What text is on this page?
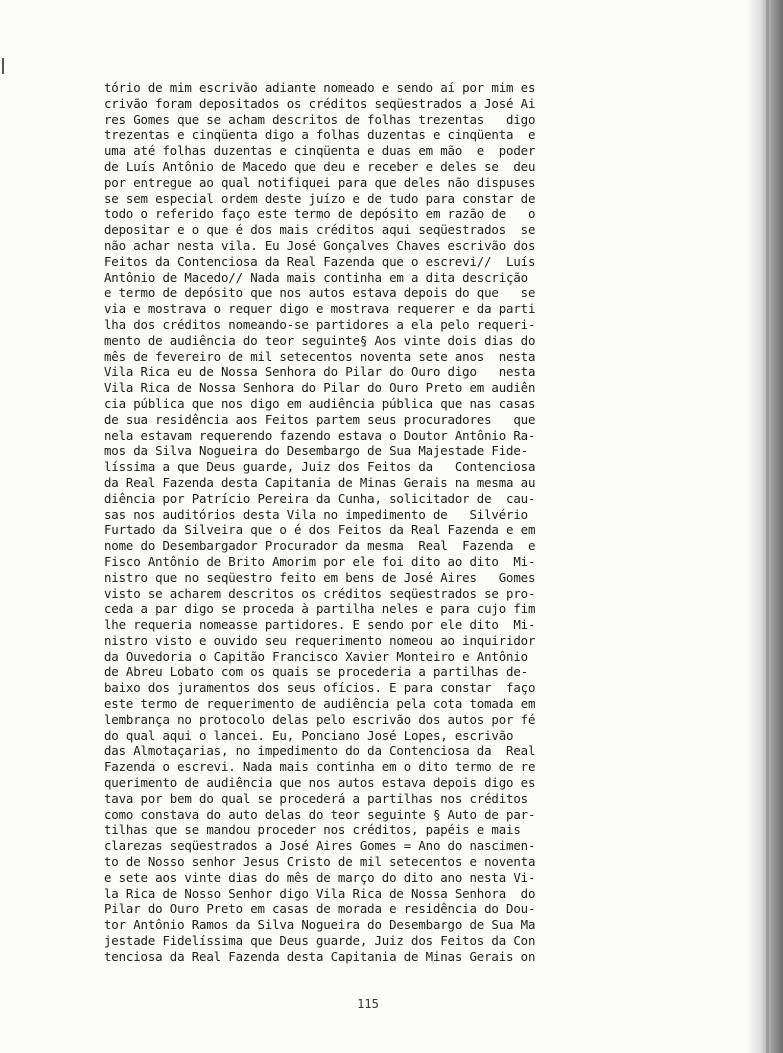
tório de mim escrivão adiante nomeado e sendo aí por mim es
crivão foram depositados os créditos seqüestrados a José Ai
res Gomes que se acham descritos de folhas trezentas   digo
trezentas e cinqüenta digo a folhas duzentas e cinqüenta  e
uma até folhas duzentas e cinqüenta e duas em mão  e  poder
de Luís Antônio de Macedo que deu e receber e deles se  deu
por entregue ao qual notifiquei para que deles não dispuses
se sem especial ordem deste juízo e de tudo para constar de
todo o referido faço este termo de depósito em razão de   o
depositar e o que é dos mais créditos aqui seqüestrados  se
não achar nesta vila. Eu José Gonçalves Chaves escrivão dos
Feitos da Contenciosa da Real Fazenda que o escrevi//  Luís
Antônio de Macedo// Nada mais continha em a dita descrição
e termo de depósito que nos autos estava depois do que   se
via e mostrava o requer digo e mostrava requerer e da parti
lha dos créditos nomeando-se partidores a ela pelo requeri-
mento de audiência do teor seguinte§ Aos vinte dois dias do
mês de fevereiro de mil setecentos noventa sete anos  nesta
Vila Rica eu de Nossa Senhora do Pilar do Ouro digo   nesta
Vila Rica de Nossa Senhora do Pilar do Ouro Preto em audiên
cia pública que nos digo em audiência pública que nas casas
de sua residência aos Feitos partem seus procuradores   que
nela estavam requerendo fazendo estava o Doutor Antônio Ra-
mos da Silva Nogueira do Desembargo de Sua Majestade Fide-
líssima a que Deus guarde, Juiz dos Feitos da   Contenciosa
da Real Fazenda desta Capitania de Minas Gerais na mesma au
diência por Patrício Pereira da Cunha, solicitador de  cau-
sas nos auditórios desta Vila no impedimento de   Silvério
Furtado da Silveira que o é dos Feitos da Real Fazenda e em
nome do Desembargador Procurador da mesma  Real  Fazenda  e
Fisco Antônio de Brito Amorim por ele foi dito ao dito  Mi-
nistro que no seqüestro feito em bens de José Aires   Gomes
visto se acharem descritos os créditos seqüestrados se pro-
ceda a par digo se proceda à partilha neles e para cujo fim
lhe requeria nomeasse partidores. E sendo por ele dito  Mi-
nistro visto e ouvido seu requerimento nomeou ao inquiridor
da Ouvedoria o Capitão Francisco Xavier Monteiro e Antônio
de Abreu Lobato com os quais se procederia a partilhas de-
baixo dos juramentos dos seus ofícios. E para constar  faço
este termo de requerimento de audiência pela cota tomada em
lembrança no protocolo delas pelo escrivão dos autos por fé
do qual aqui o lancei. Eu, Ponciano José Lopes, escrivão
das Almotaçarias, no impedimento do da Contenciosa da  Real
Fazenda o escrevi. Nada mais continha em o dito termo de re
querimento de audiência que nos autos estava depois digo es
tava por bem do qual se procederá a partilhas nos créditos
como constava do auto delas do teor seguinte § Auto de par-
tilhas que se mandou proceder nos créditos, papéis e mais
clarezas seqüestrados a José Aires Gomes = Ano do nascimen-
to de Nosso senhor Jesus Cristo de mil setecentos e noventa
e sete aos vinte dias do mês de março do dito ano nesta Vi-
la Rica de Nosso Senhor digo Vila Rica de Nossa Senhora  do
Pilar do Ouro Preto em casas de morada e residência do Dou-
tor Antônio Ramos da Silva Nogueira do Desembargo de Sua Ma
jestade Fidelíssima que Deus guarde, Juiz dos Feitos da Con
tenciosa da Real Fazenda desta Capitania de Minas Gerais on
115
